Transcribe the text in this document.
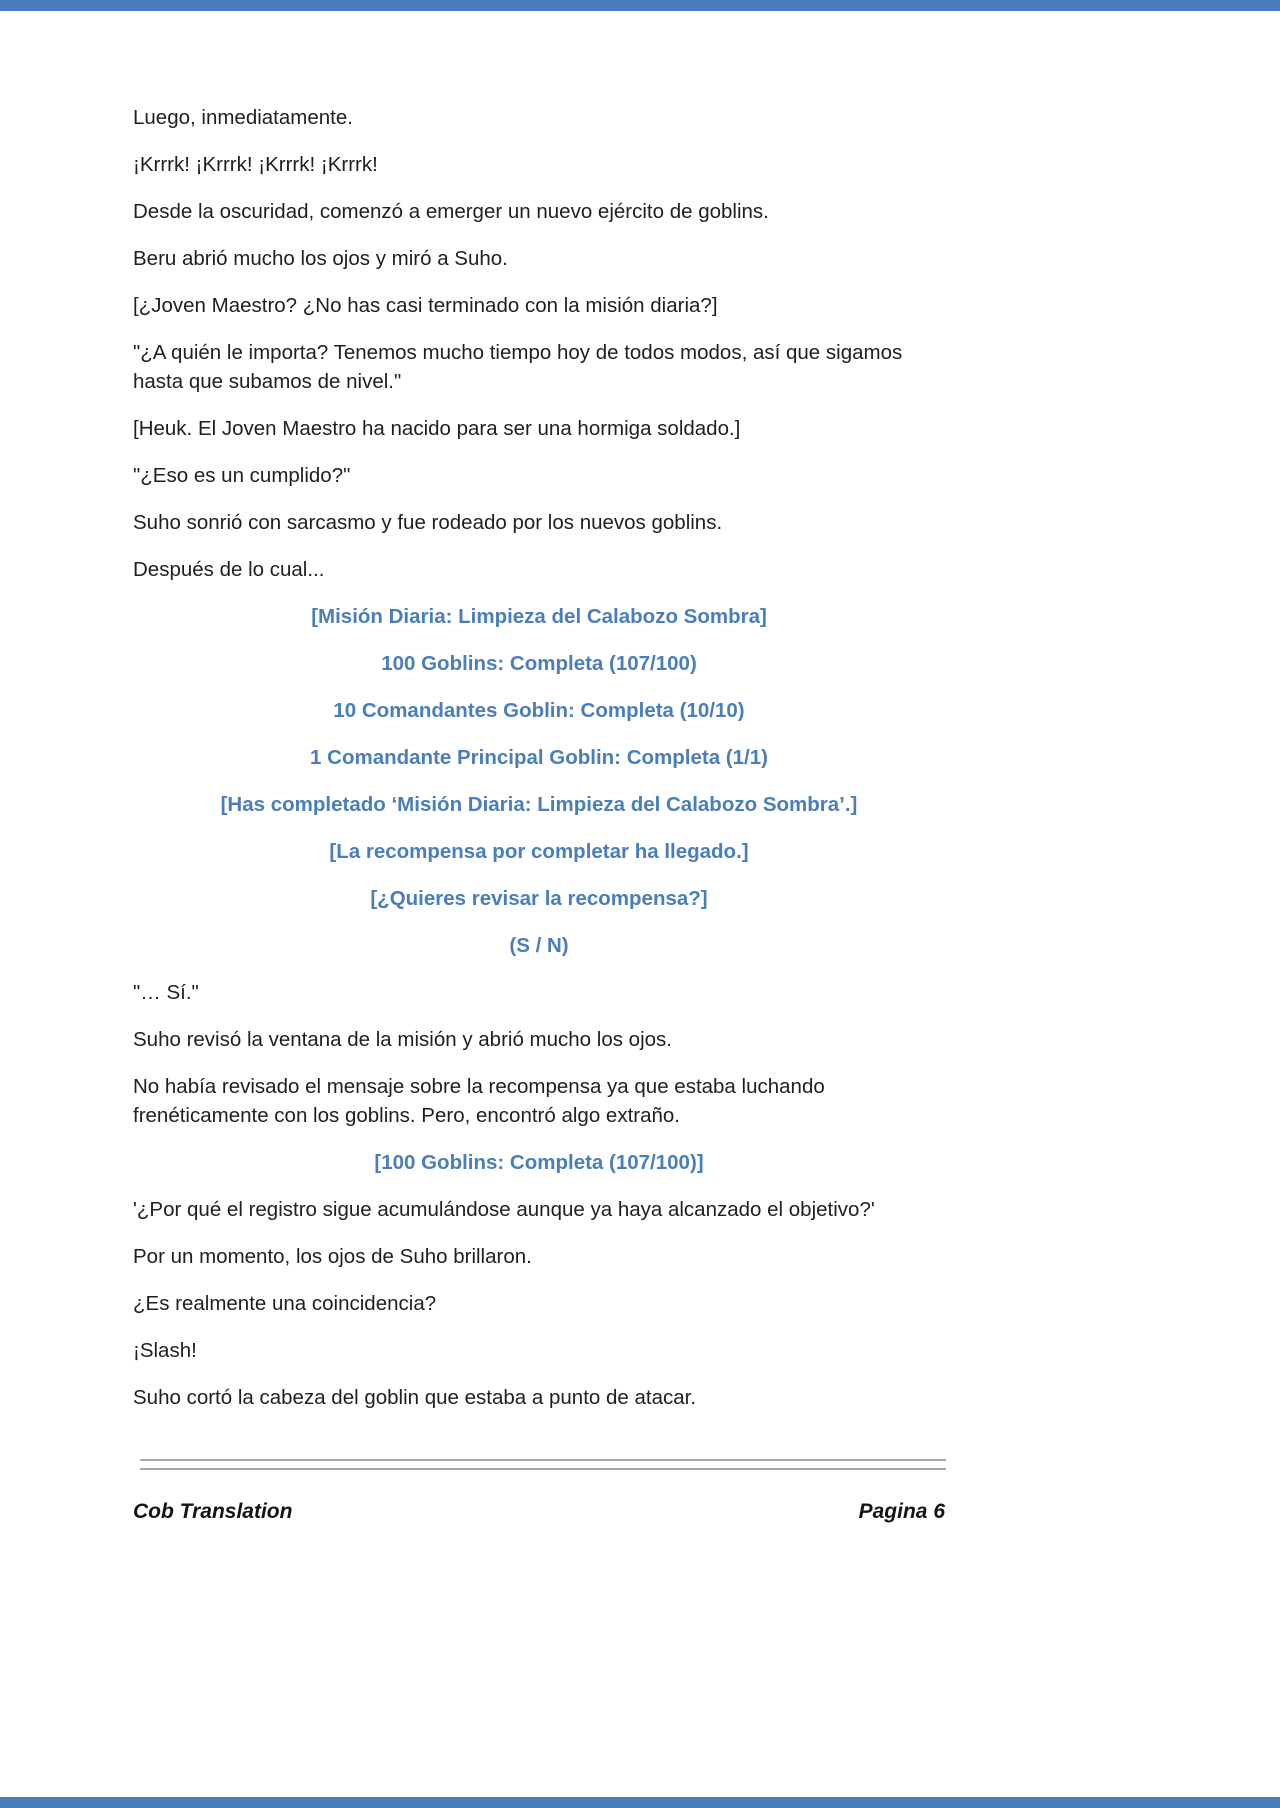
Luego, inmediatamente.
¡Krrrk! ¡Krrrk! ¡Krrrk! ¡Krrrk!
Desde la oscuridad, comenzó a emerger un nuevo ejército de goblins.
Beru abrió mucho los ojos y miró a Suho.
[¿Joven Maestro? ¿No has casi terminado con la misión diaria?]
"¿A quién le importa? Tenemos mucho tiempo hoy de todos modos, así que sigamos hasta que subamos de nivel."
[Heuk. El Joven Maestro ha nacido para ser una hormiga soldado.]
"¿Eso es un cumplido?"
Suho sonrió con sarcasmo y fue rodeado por los nuevos goblins.
Después de lo cual...
[Misión Diaria: Limpieza del Calabozo Sombra]
100 Goblins: Completa (107/100)
10 Comandantes Goblin: Completa (10/10)
1 Comandante Principal Goblin: Completa (1/1)
[Has completado ‘Misión Diaria: Limpieza del Calabozo Sombra’.]
[La recompensa por completar ha llegado.]
[¿Quieres revisar la recompensa?]
(S / N)
"… Sí."
Suho revisó la ventana de la misión y abrió mucho los ojos.
No había revisado el mensaje sobre la recompensa ya que estaba luchando frenéticamente con los goblins. Pero, encontró algo extraño.
[100 Goblins: Completa (107/100)]
'¿Por qué el registro sigue acumulándose aunque ya haya alcanzado el objetivo?'
Por un momento, los ojos de Suho brillaron.
¿Es realmente una coincidencia?
¡Slash!
Suho cortó la cabeza del goblin que estaba a punto de atacar.
Cob Translation	Pagina 6
